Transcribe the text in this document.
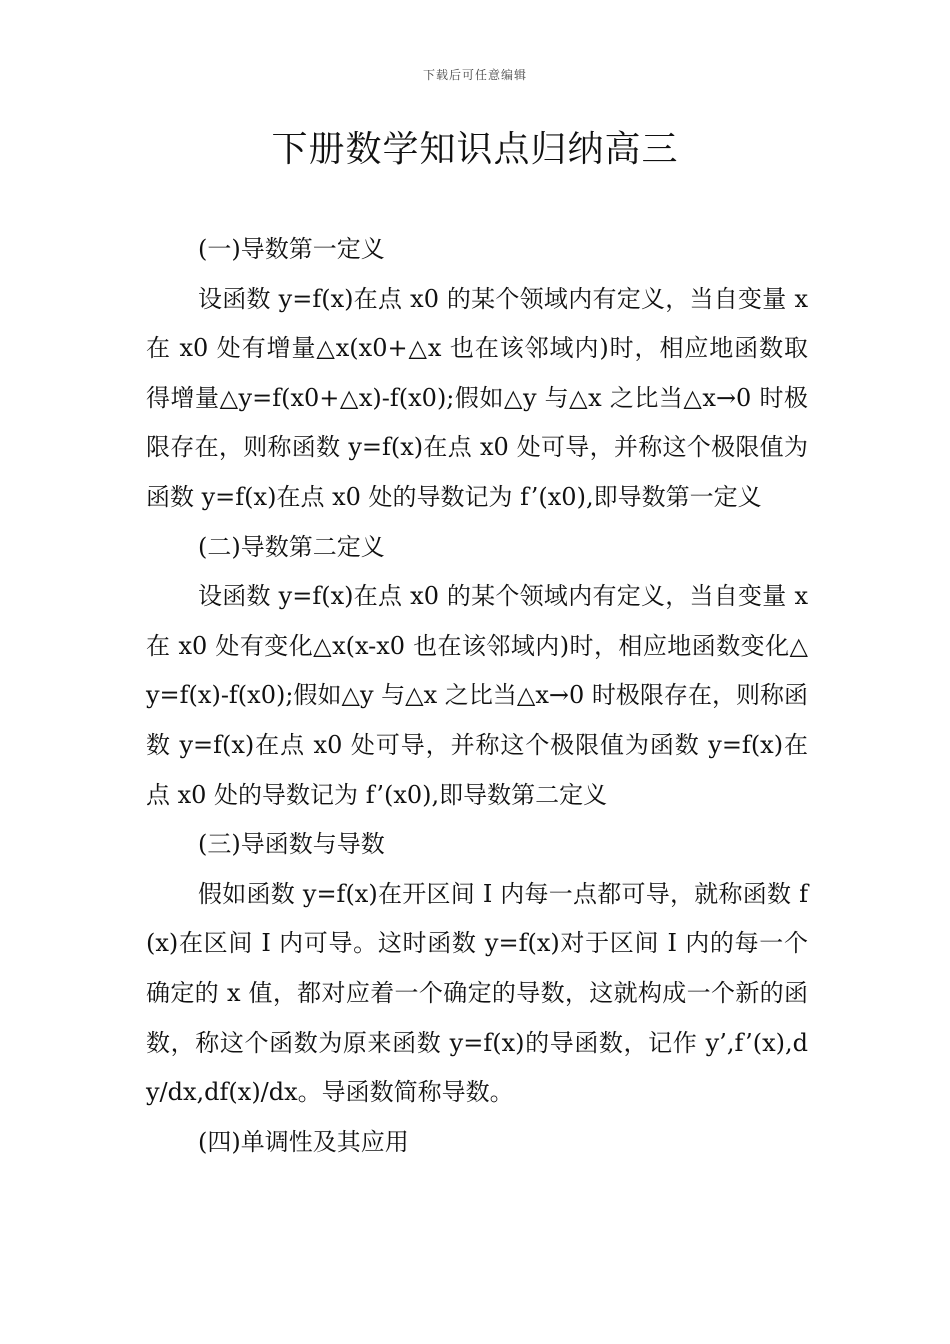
下载后可任意编辑
下册数学知识点归纳高三

(一)导数第一定义

设函数 y=f(x)在点 x0 的某个领域内有定义，当自变量 x 在 x0 处有增量△x(x0+△x 也在该邻域内)时，相应地函数取得增量△y=f(x0+△x)-f(x0);假如△y 与△x 之比当△x→0 时极限存在，则称函数 y=f(x)在点 x0 处可导，并称这个极限值为函数 y=f(x)在点 x0 处的导数记为 f’(x0),即导数第一定义

(二)导数第二定义

设函数 y=f(x)在点 x0 的某个领域内有定义，当自变量 x 在 x0 处有变化△x(x-x0 也在该邻域内)时，相应地函数变化△y=f(x)-f(x0);假如△y 与△x 之比当△x→0 时极限存在，则称函数 y=f(x)在点 x0 处可导，并称这个极限值为函数 y=f(x)在点 x0 处的导数记为 f’(x0),即导数第二定义

(三)导函数与导数

假如函数 y=f(x)在开区间 I 内每一点都可导，就称函数 f(x)在区间 I 内可导。这时函数 y=f(x)对于区间 I 内的每一个确定的 x 值，都对应着一个确定的导数，这就构成一个新的函数，称这个函数为原来函数 y=f(x)的导函数，记作 y’,f’(x),dy/dx,df(x)/dx。导函数简称导数。

(四)单调性及其应用
